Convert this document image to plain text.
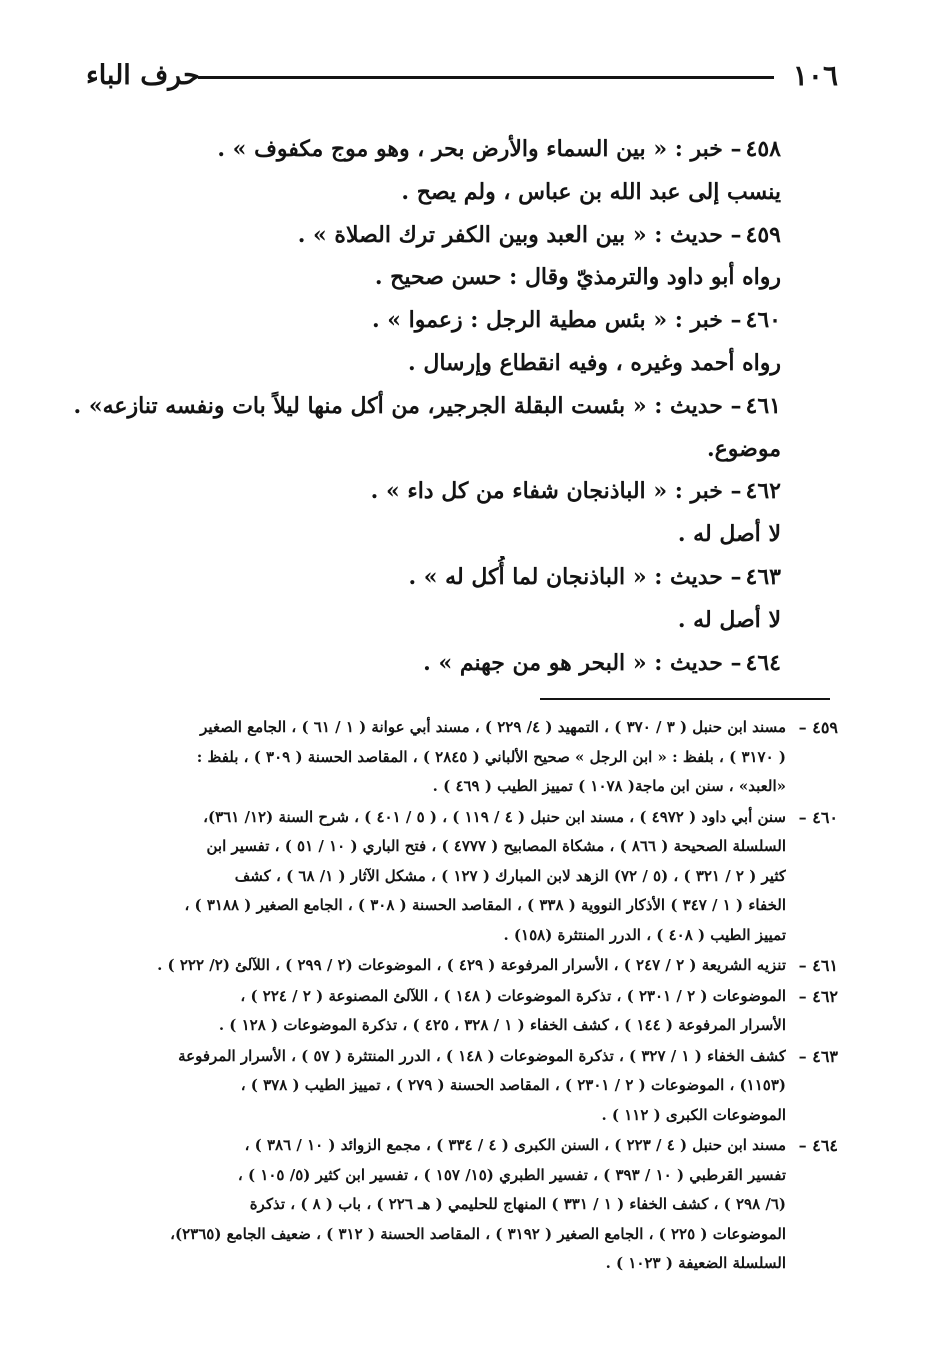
١٠٦
حرف الباء
٤٥٨– خبر : « بين السماء والأرض بحر ، وهو موج مكفوف » .
ينسب إلى عبد الله بن عباس ، ولم يصح .
٤٥٩– حديث : « بين العبد وبين الكفر ترك الصلاة » .
رواه أبو داود والترمذيّ وقال : حسن صحيح .
٤٦٠– خبر : « بئس مطية الرجل : زعموا » .
رواه أحمد وغيره ، وفيه انقطاع وإرسال .
٤٦١– حديث : « بئست البقلة الجرجير، من أكل منها ليلاً بات ونفسه تنازعه» .
موضوع.
٤٦٢– خبر : « الباذنجان شفاء من كل داء » .
لا أصل له .
٤٦٣– حديث : « الباذنجان لما أُكل له » .
لا أصل له .
٤٦٤– حديث : « البحر هو من جهنم » .
٤٥٩ –
مسند ابن حنبل ( ٣ / ٣٧٠ ) ، التمهيد ( ٤/ ٢٢٩ ) ، مسند أبي عوانة ( ١ / ٦١ ) ، الجامع الصغير
( ٣١٧٠ ) ، بلفظ : « ابن الرجل » صحيح الألباني ( ٢٨٤٥ ) ، المقاصد الحسنة ( ٣٠٩ ) ، بلفظ :
«العبد» ، سنن ابن ماجة( ١٠٧٨ ) تمييز الطيب ( ٤٦٩ ) .
٤٦٠ –
سنن أبي داود ( ٤٩٧٢ ) ، مسند ابن حنبل ( ٤ / ١١٩ ) ، ( ٥ / ٤٠١ ) ، شرح السنة (١٢/ ٣٦١)،
السلسلة الصحيحة ( ٨٦٦ ) ، مشكاة المصابيح ( ٤٧٧٧ ) ، فتح الباري ( ١٠ / ٥١ ) ، تفسير ابن
كثير ( ٢ / ٣٢١ ) ، (٥ / ٧٢) الزهد لابن المبارك ( ١٢٧ ) ، مشكل الآثار ( ١/ ٦٨ ) ، كشف
الخفاء ( ١ / ٣٤٧ ) الأذكار النووية ( ٣٣٨ ) ، المقاصد الحسنة ( ٣٠٨ ) ، الجامع الصغير ( ٣١٨٨ ) ،
تمييز الطيب ( ٤٠٨ ) ، الدرر المنتثرة (١٥٨) .
٤٦١ –
تنزيه الشريعة ( ٢ / ٢٤٧ ) ، الأسرار المرفوعة ( ٤٢٩ ) ، الموضوعات (٢ / ٢٩٩ ) ، اللآلئ (٢/ ٢٢٢ ) .
٤٦٢ –
الموضوعات ( ٢ / ٢٣٠١ ) ، تذكرة الموضوعات ( ١٤٨ ) ، اللآلئ المصنوعة ( ٢ / ٢٢٤ ) ،
الأسرار المرفوعة ( ١٤٤ ) ، كشف الخفاء ( ١ / ٣٢٨ ، ٤٢٥ ) ، تذكرة الموضوعات ( ١٢٨ ) .
٤٦٣ –
كشف الخفاء ( ١ / ٣٢٧ ) ، تذكرة الموضوعات ( ١٤٨ ) ، الدرر المنتثرة ( ٥٧ ) ، الأسرار المرفوعة
(١١٥٣) ، الموضوعات ( ٢ / ٢٣٠١ ) ، المقاصد الحسنة ( ٢٧٩ ) ، تمييز الطيب ( ٣٧٨ ) ،
الموضوعات الكبرى ( ١١٢ ) .
٤٦٤ –
مسند ابن حنبل ( ٤ / ٢٢٣ ) ، السنن الكبرى ( ٤ / ٣٣٤ ) ، مجمع الزوائد ( ١٠ / ٣٨٦ ) ،
تفسير القرطبي ( ١٠ / ٣٩٣ ) ، تفسير الطبري (١٥/ ١٥٧ ) ، تفسير ابن كثير (٥/ ١٠٥ ) ،
(٦/ ٢٩٨ ) ، كشف الخفاء ( ١ / ٣٣١ ) المنهاج للحليمي ( هـ ٢٢٦ ) ، باب ( ٨ ) ، تذكرة
الموضوعات ( ٢٢٥ ) ، الجامع الصغير ( ٣١٩٢ ) ، المقاصد الحسنة ( ٣١٢ ) ، ضعيف الجامع (٢٣٦٥)،
السلسلة الضعيفة ( ١٠٢٣ ) .
